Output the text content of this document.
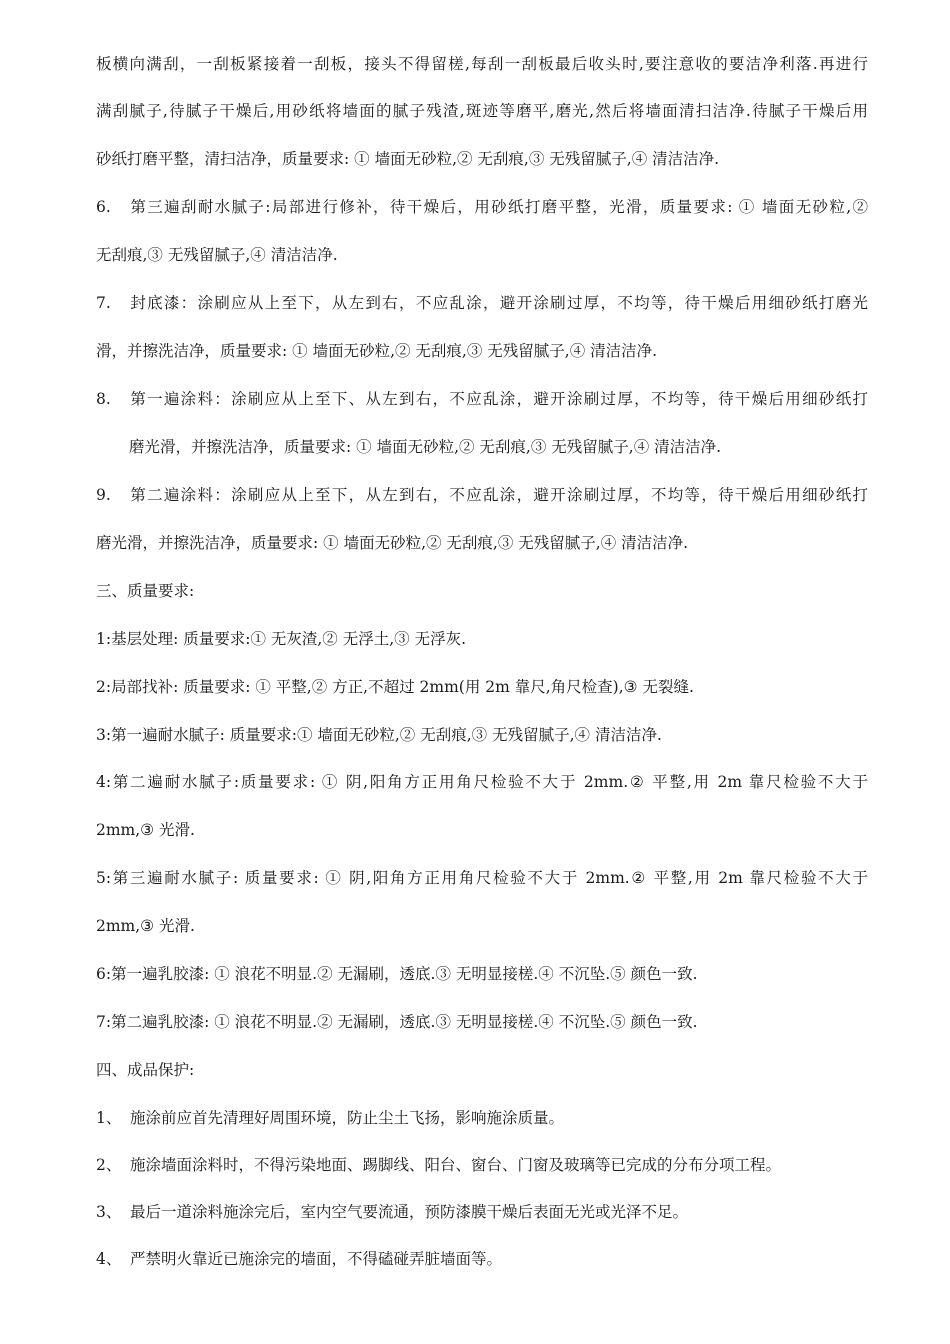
板横向满刮，一刮板紧接着一刮板，接头不得留槎,每刮一刮板最后收头时,要注意收的要洁净利落.再进行

满刮腻子,待腻子干燥后,用砂纸将墙面的腻子残渣,斑迹等磨平,磨光,然后将墙面清扫洁净.待腻子干燥后用

砂纸打磨平整，清扫洁净，质量要求: ① 墙面无砂粒,② 无刮痕,③ 无残留腻子,④ 清洁洁净.

6. 第三遍刮耐水腻子:局部进行修补，待干燥后，用砂纸打磨平整，光滑，质量要求: ① 墙面无砂粒,②

无刮痕,③ 无残留腻子,④ 清洁洁净.

7. 封底漆：涂刷应从上至下，从左到右，不应乱涂，避开涂刷过厚，不均等，待干燥后用细砂纸打磨光

滑，并擦洗洁净，质量要求: ① 墙面无砂粒,② 无刮痕,③ 无残留腻子,④ 清洁洁净.

8. 第一遍涂料：涂刷应从上至下、从左到右，不应乱涂，避开涂刷过厚，不均等，待干燥后用细砂纸打

磨光滑，并擦洗洁净，质量要求: ① 墙面无砂粒,② 无刮痕,③ 无残留腻子,④ 清洁洁净.

9. 第二遍涂料：涂刷应从上至下，从左到右，不应乱涂，避开涂刷过厚，不均等，待干燥后用细砂纸打

磨光滑，并擦洗洁净，质量要求: ① 墙面无砂粒,② 无刮痕,③ 无残留腻子,④ 清洁洁净.

三、质量要求:

1:基层处理: 质量要求:① 无灰渣,② 无浮土,③ 无浮灰.

2:局部找补: 质量要求: ① 平整,② 方正,不超过 2mm(用 2m 靠尺,角尺检查),③ 无裂缝.

3:第一遍耐水腻子: 质量要求:① 墙面无砂粒,② 无刮痕,③ 无残留腻子,④ 清洁洁净.

4:第二遍耐水腻子:质量要求: ① 阴,阳角方正用角尺检验不大于 2mm.② 平整,用 2m 靠尺检验不大于

2mm,③ 光滑.

5:第三遍耐水腻子: 质量要求: ① 阴,阳角方正用角尺检验不大于 2mm.② 平整,用 2m 靠尺检验不大于

2mm,③ 光滑.

6:第一遍乳胶漆: ① 浪花不明显.② 无漏刷，透底.③ 无明显接槎.④ 不沉坠.⑤ 颜色一致.

7:第二遍乳胶漆: ① 浪花不明显.② 无漏刷，透底.③ 无明显接槎.④ 不沉坠.⑤ 颜色一致.

四、成品保护:

1、 施涂前应首先清理好周围环境，防止尘土飞扬，影响施涂质量。

2、 施涂墙面涂料时，不得污染地面、踢脚线、阳台、窗台、门窗及玻璃等已完成的分布分项工程。

3、 最后一道涂料施涂完后，室内空气要流通，预防漆膜干燥后表面无光或光泽不足。

4、 严禁明火靠近已施涂完的墙面，不得磕碰弄脏墙面等。
